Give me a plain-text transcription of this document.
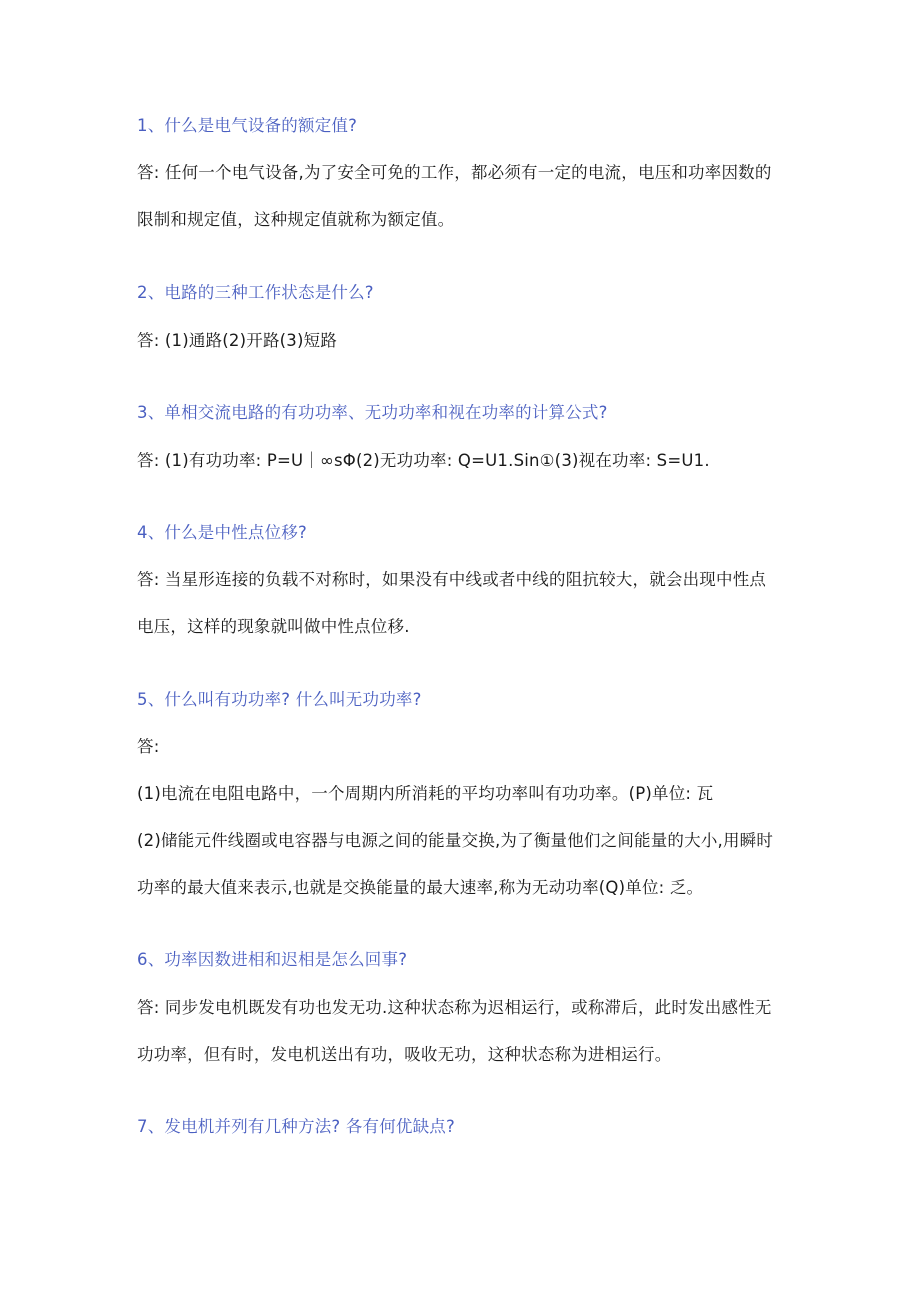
1、什么是电气设备的额定值?
答: 任何一个电气设备,为了安全可免的工作，都必须有一定的电流，电压和功率因数的
限制和规定值，这种规定值就称为额定值。
2、电路的三种工作状态是什么?
答: (1)通路(2)开路(3)短路
3、单相交流电路的有功功率、无功功率和视在功率的计算公式?
答: (1)有功功率: P=U｜∞sΦ(2)无功功率: Q=U1.Sin①(3)视在功率: S=U1.
4、什么是中性点位移?
答: 当星形连接的负载不对称时，如果没有中线或者中线的阻抗较大，就会出现中性点
电压，这样的现象就叫做中性点位移.
5、什么叫有功功率? 什么叫无功功率?
答:
(1)电流在电阻电路中，一个周期内所消耗的平均功率叫有功功率。(P)单位: 瓦
(2)储能元件线圈或电容器与电源之间的能量交换,为了衡量他们之间能量的大小,用瞬时
功率的最大值来表示,也就是交换能量的最大速率,称为无动功率(Q)单位: 乏。
6、功率因数进相和迟相是怎么回事?
答: 同步发电机既发有功也发无功.这种状态称为迟相运行，或称滞后，此时发出感性无
功功率，但有时，发电机送出有功，吸收无功，这种状态称为进相运行。
7、发电机并列有几种方法? 各有何优缺点?
